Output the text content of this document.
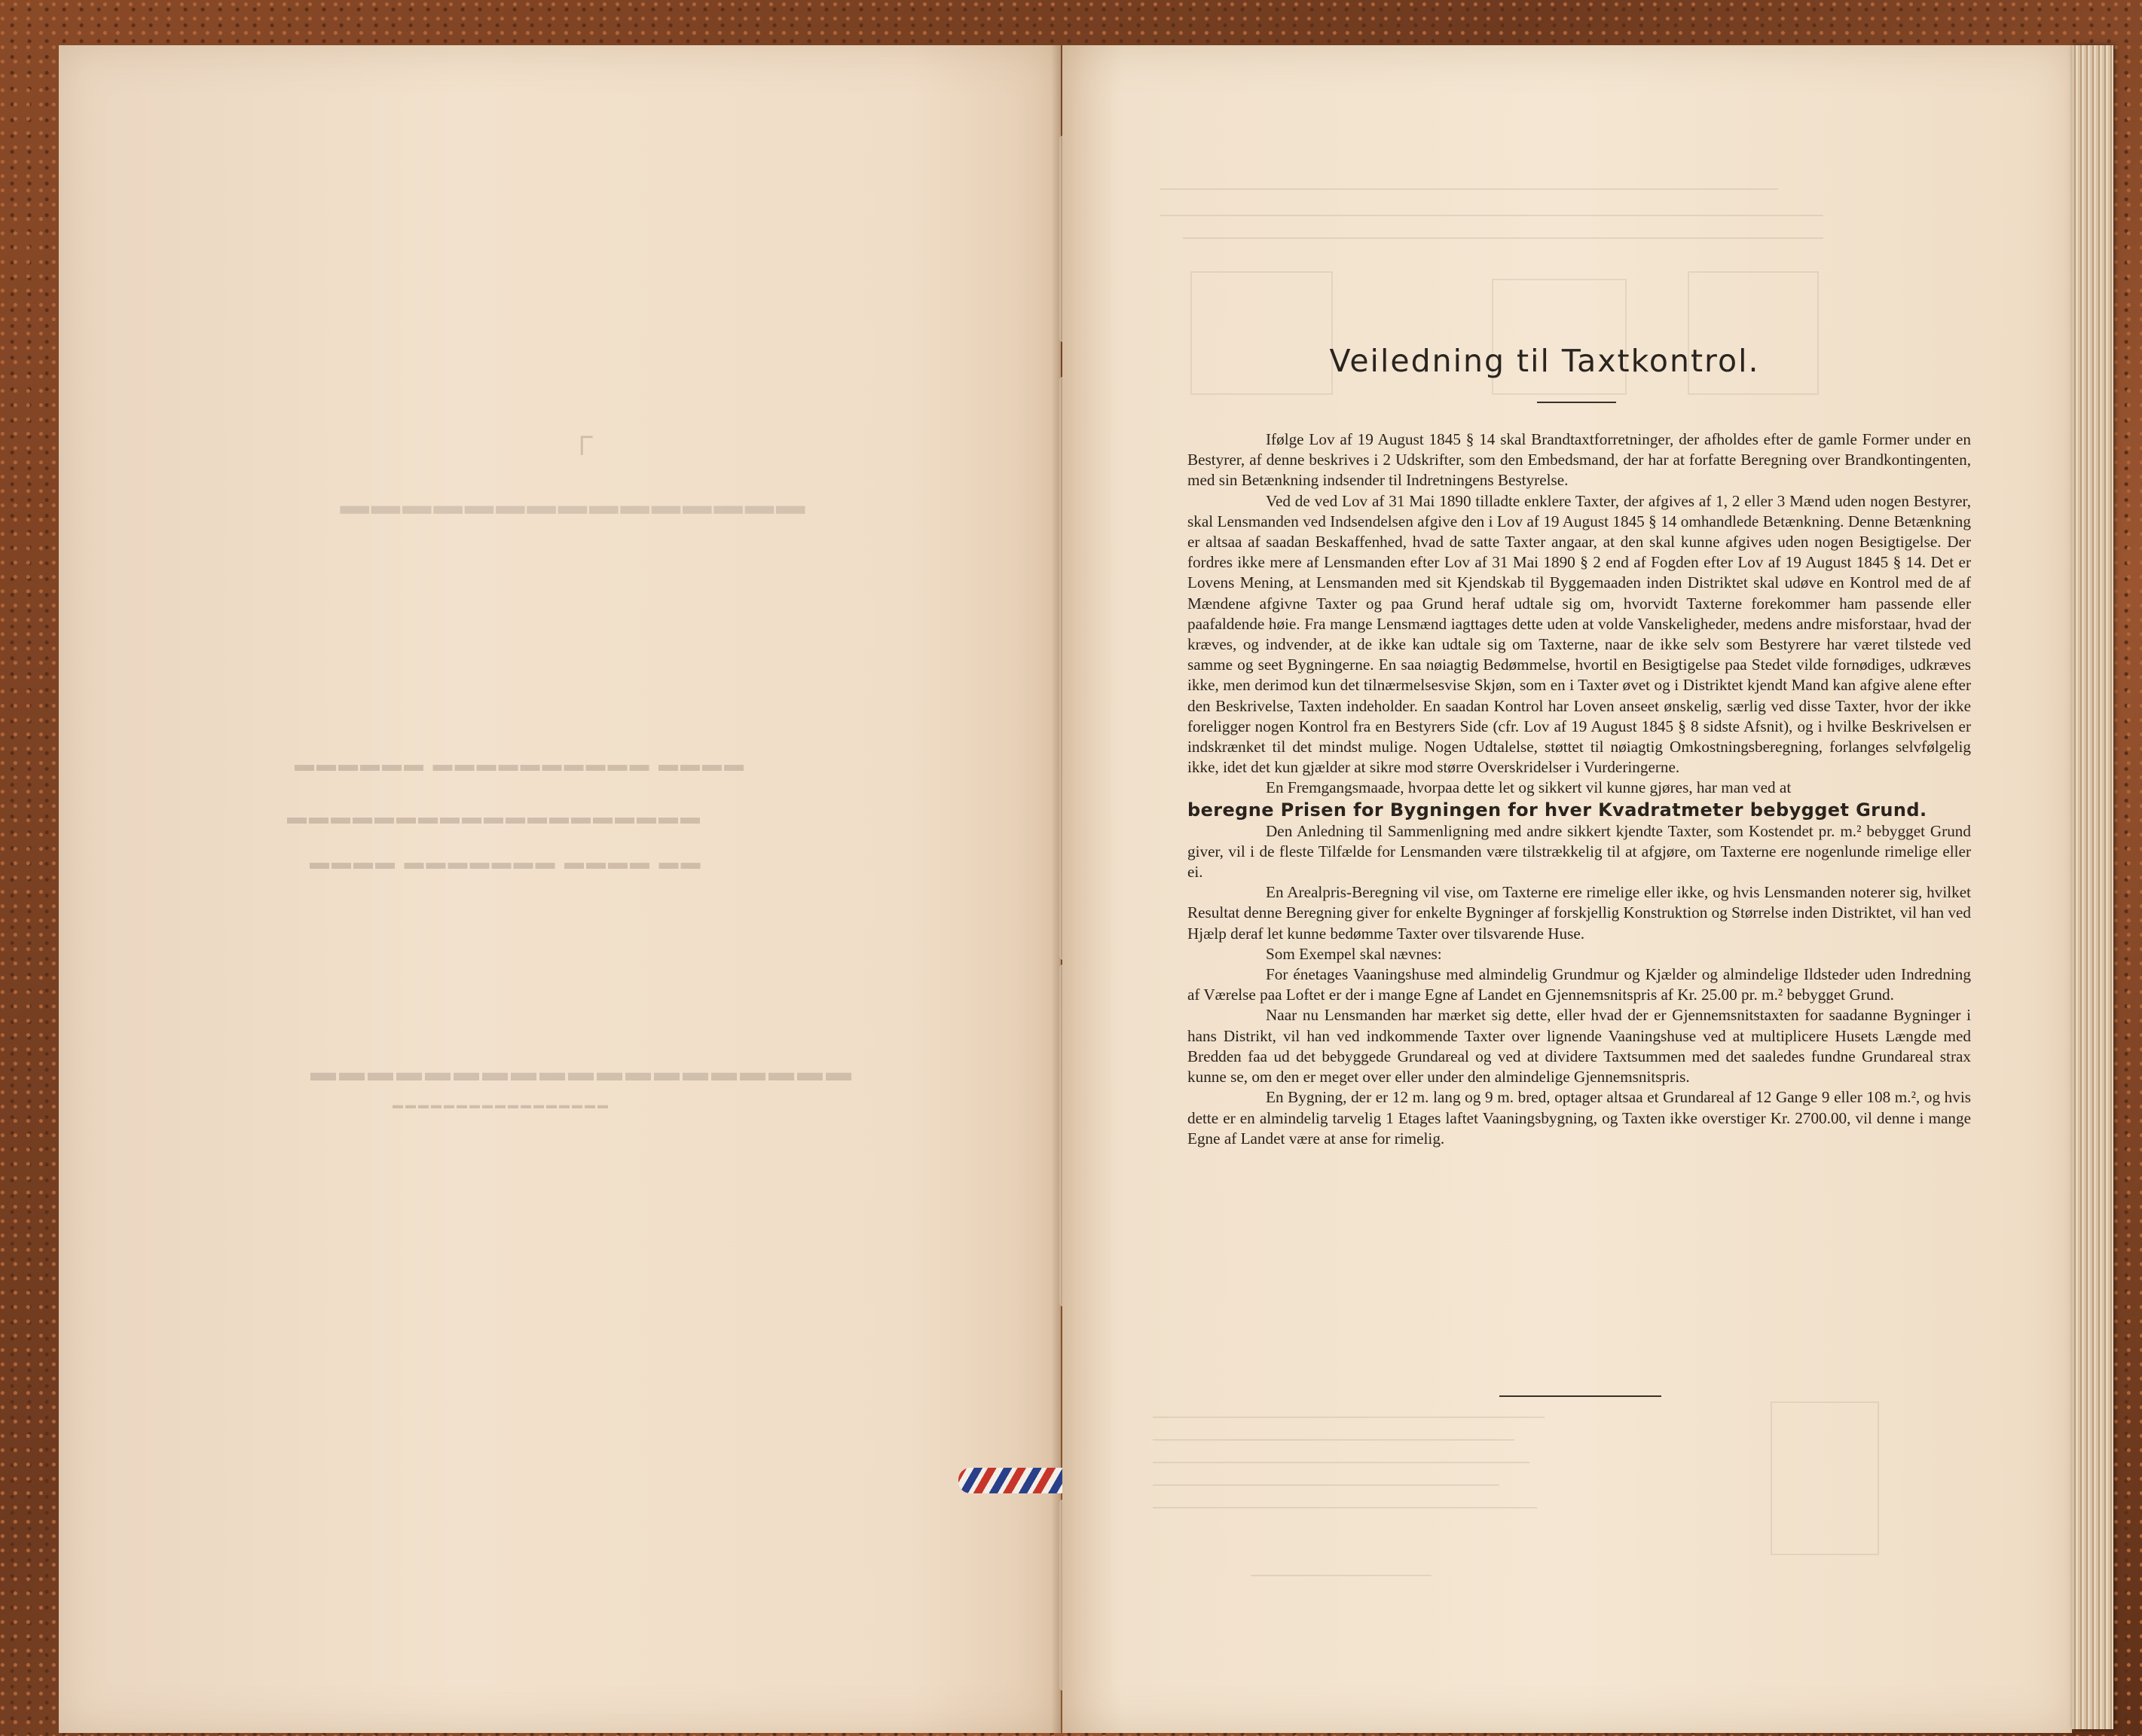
━━━━━━━━━━━━━━━
┐
▬▬▬▬ ▬▬▬▬▬▬▬▬▬▬ ▬▬▬▬▬▬
▬▬▬▬▬▬▬▬▬▬▬▬▬▬▬▬▬▬▬
▬▬ ▬▬▬▬ ▬▬▬▬▬▬▬ ▬▬▬▬
▬▬▬▬▬▬▬▬▬▬▬▬▬▬▬▬▬▬▬
▬▬▬▬▬▬▬▬▬▬▬▬▬▬▬▬▬
Veiledning til Taxtkontrol.

Ifølge Lov af 19 August 1845 § 14 skal Brandtaxtforretninger, der afholdes efter de gamle Former under en Bestyrer, af denne beskrives i 2 Udskrifter, som den Embedsmand, der har at forfatte Beregning over Brandkontingenten, med sin Betænkning indsender til Indretningens Bestyrelse.

Ved de ved Lov af 31 Mai 1890 tilladte enklere Taxter, der afgives af 1, 2 eller 3 Mænd uden nogen Bestyrer, skal Lensmanden ved Indsendelsen afgive den i Lov af 19 August 1845 § 14 omhandlede Betænkning. Denne Betænkning er altsaa af saadan Beskaffenhed, hvad de satte Taxter angaar, at den skal kunne afgives uden nogen Besigtigelse. Der fordres ikke mere af Lensmanden efter Lov af 31 Mai 1890 § 2 end af Fogden efter Lov af 19 August 1845 § 14. Det er Lovens Mening, at Lensmanden med sit Kjendskab til Byggemaaden inden Distriktet skal udøve en Kontrol med de af Mændene afgivne Taxter og paa Grund heraf udtale sig om, hvorvidt Taxterne forekommer ham passende eller paafaldende høie. Fra mange Lensmænd iagttages dette uden at volde Vanskeligheder, medens andre misforstaar, hvad der kræves, og indvender, at de ikke kan udtale sig om Taxterne, naar de ikke selv som Bestyrere har været tilstede ved samme og seet Bygningerne. En saa nøiagtig Bedømmelse, hvortil en Besigtigelse paa Stedet vilde fornødiges, udkræves ikke, men derimod kun det tilnærmelsesvise Skjøn, som en i Taxter øvet og i Distriktet kjendt Mand kan afgive alene efter den Beskrivelse, Taxten indeholder. En saadan Kontrol har Loven anseet ønskelig, særlig ved disse Taxter, hvor der ikke foreligger nogen Kontrol fra en Bestyrers Side (cfr. Lov af 19 August 1845 § 8 sidste Afsnit), og i hvilke Beskrivelsen er indskrænket til det mindst mulige. Nogen Udtalelse, støttet til nøiagtig Omkostningsberegning, forlanges selvfølgelig ikke, idet det kun gjælder at sikre mod større Overskridelser i Vurderingerne.

En Fremgangsmaade, hvorpaa dette let og sikkert vil kunne gjøres, har man ved at

beregne Prisen for Bygningen for hver Kvadratmeter bebygget Grund.

Den Anledning til Sammenligning med andre sikkert kjendte Taxter, som Kostendet pr. m.² bebygget Grund giver, vil i de fleste Tilfælde for Lensmanden være tilstrækkelig til at afgjøre, om Taxterne ere nogenlunde rimelige eller ei.

En Arealpris-Beregning vil vise, om Taxterne ere rimelige eller ikke, og hvis Lensmanden noterer sig, hvilket Resultat denne Beregning giver for enkelte Bygninger af forskjellig Konstruktion og Størrelse inden Distriktet, vil han ved Hjælp deraf let kunne bedømme Taxter over tilsvarende Huse.

Som Exempel skal nævnes:

For énetages Vaaningshuse med almindelig Grundmur og Kjælder og almindelige Ildsteder uden Indredning af Værelse paa Loftet er der i mange Egne af Landet en Gjennemsnitspris af Kr. 25.00 pr. m.² bebygget Grund.

Naar nu Lensmanden har mærket sig dette, eller hvad der er Gjennemsnitstaxten for saadanne Bygninger i hans Distrikt, vil han ved indkommende Taxter over lignende Vaaningshuse ved at multiplicere Husets Længde med Bredden faa ud det bebyggede Grundareal og ved at dividere Taxtsummen med det saaledes fundne Grundareal strax kunne se, om den er meget over eller under den almindelige Gjennemsnitspris.

En Bygning, der er 12 m. lang og 9 m. bred, optager altsaa et Grundareal af 12 Gange 9 eller 108 m.², og hvis dette er en almindelig tarvelig 1 Etages laftet Vaaningsbygning, og Taxten ikke overstiger Kr. 2700.00, vil denne i mange Egne af Landet være at anse for rimelig.
